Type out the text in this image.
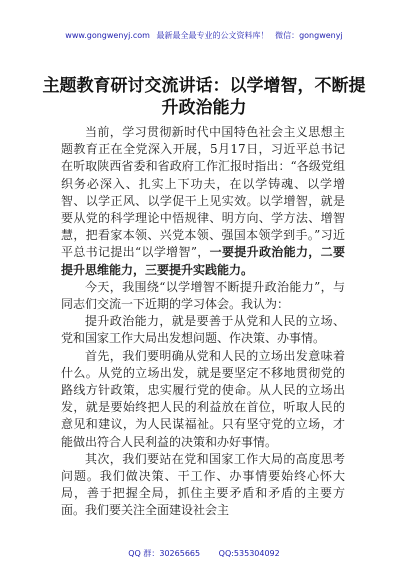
www.gongwenyj.com 最新最全最专业的公文资料库！ 微信：gongwenyj
主题教育研讨交流讲话：以学增智，不断提升政治能力

当前，学习贯彻新时代中国特色社会主义思想主题教育正在全党深入开展，5月17日，习近平总书记在听取陕西省委和省政府工作汇报时指出：“各级党组织务必深入、扎实上下功夫，在以学铸魂、以学增智、以学正风、以学促干上见实效。以学增智，就是要从党的科学理论中悟规律、明方向、学方法、增智慧，把看家本领、兴党本领、强国本领学到手。”习近平总书记提出“以学增智”，一要提升政治能力，二要提升思维能力，三要提升实践能力。

今天，我围绕“以学增智不断提升政治能力”，与同志们交流一下近期的学习体会。我认为：

提升政治能力，就是要善于从党和人民的立场、党和国家工作大局出发想问题、作决策、办事情。

首先，我们要明确从党和人民的立场出发意味着什么。从党的立场出发，就是要坚定不移地贯彻党的路线方针政策，忠实履行党的使命。从人民的立场出发，就是要始终把人民的利益放在首位，听取人民的意见和建议，为人民谋福祉。只有坚守党的立场，才能做出符合人民利益的决策和办好事情。

其次，我们要站在党和国家工作大局的高度思考问题。我们做决策、干工作、办事情要始终心怀大局，善于把握全局，抓住主要矛盾和矛盾的主要方面。我们要关注全面建设社会主

QQ 群：30265665 QQ:535304092
